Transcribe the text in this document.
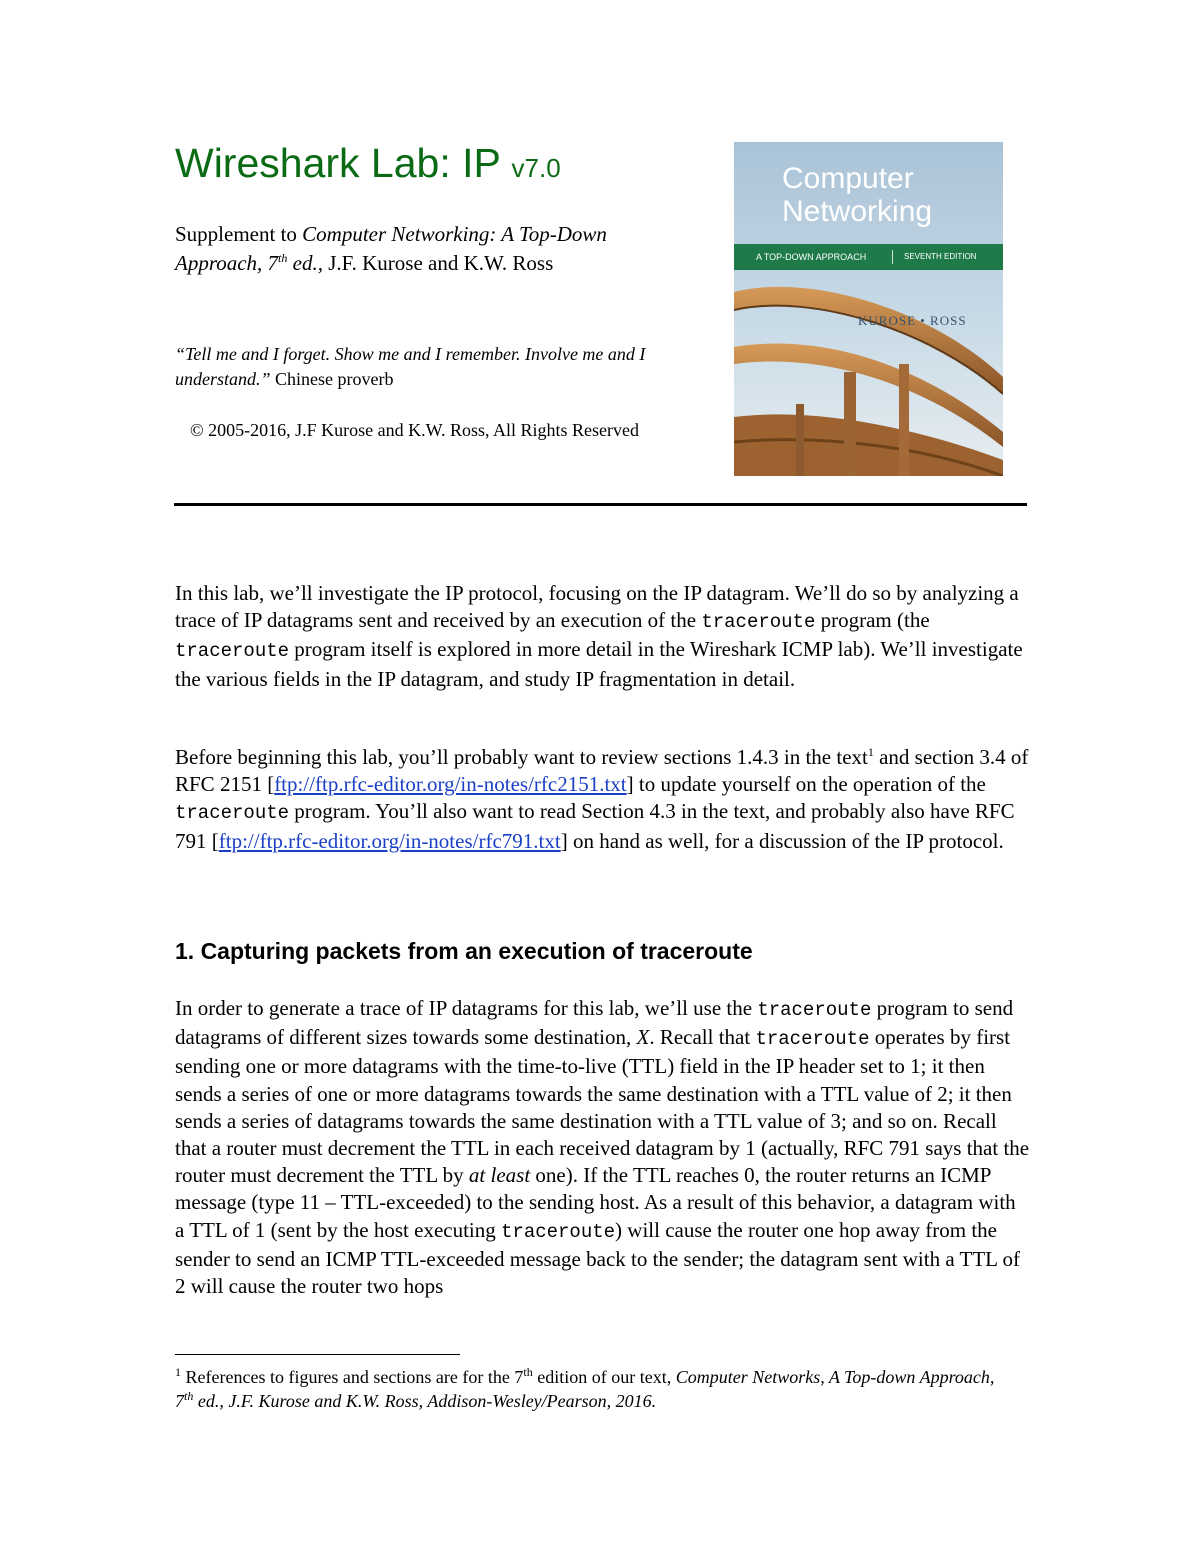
Wireshark Lab: IP v7.0
Supplement to Computer Networking: A Top-Down Approach, 7th ed., J.F. Kurose and K.W. Ross
“Tell me and I forget. Show me and I remember. Involve me and I understand.” Chinese proverb
© 2005-2016, J.F Kurose and K.W. Ross, All Rights Reserved
Computer
Networking
A TOP-DOWN APPROACH	SEVENTH EDITION
KUROSE • ROSS

In this lab, we’ll investigate the IP protocol, focusing on the IP datagram. We’ll do so by analyzing a trace of IP datagrams sent and received by an execution of the traceroute program (the traceroute program itself is explored in more detail in the Wireshark ICMP lab). We’ll investigate the various fields in the IP datagram, and study IP fragmentation in detail.

Before beginning this lab, you’ll probably want to review sections 1.4.3 in the text$^1$ and section 3.4 of RFC 2151 [ftp://ftp.rfc-editor.org/in-notes/rfc2151.txt] to update yourself on the operation of the traceroute program. You’ll also want to read Section 4.3 in the text, and probably also have RFC 791 [ftp://ftp.rfc-editor.org/in-notes/rfc791.txt] on hand as well, for a discussion of the IP protocol.

1. Capturing packets from an execution of traceroute

In order to generate a trace of IP datagrams for this lab, we’ll use the traceroute program to send datagrams of different sizes towards some destination, X. Recall that traceroute operates by first sending one or more datagrams with the time-to-live (TTL) field in the IP header set to 1; it then sends a series of one or more datagrams towards the same destination with a TTL value of 2; it then sends a series of datagrams towards the same destination with a TTL value of 3; and so on. Recall that a router must decrement the TTL in each received datagram by 1 (actually, RFC 791 says that the router must decrement the TTL by at least one). If the TTL reaches 0, the router returns an ICMP message (type 11 – TTL-exceeded) to the sending host. As a result of this behavior, a datagram with a TTL of 1 (sent by the host executing traceroute) will cause the router one hop away from the sender to send an ICMP TTL-exceeded message back to the sender; the datagram sent with a TTL of 2 will cause the router two hops

$^1$ References to figures and sections are for the 7th edition of our text, Computer Networks, A Top-down Approach, 7th ed., J.F. Kurose and K.W. Ross, Addison-Wesley/Pearson, 2016.
